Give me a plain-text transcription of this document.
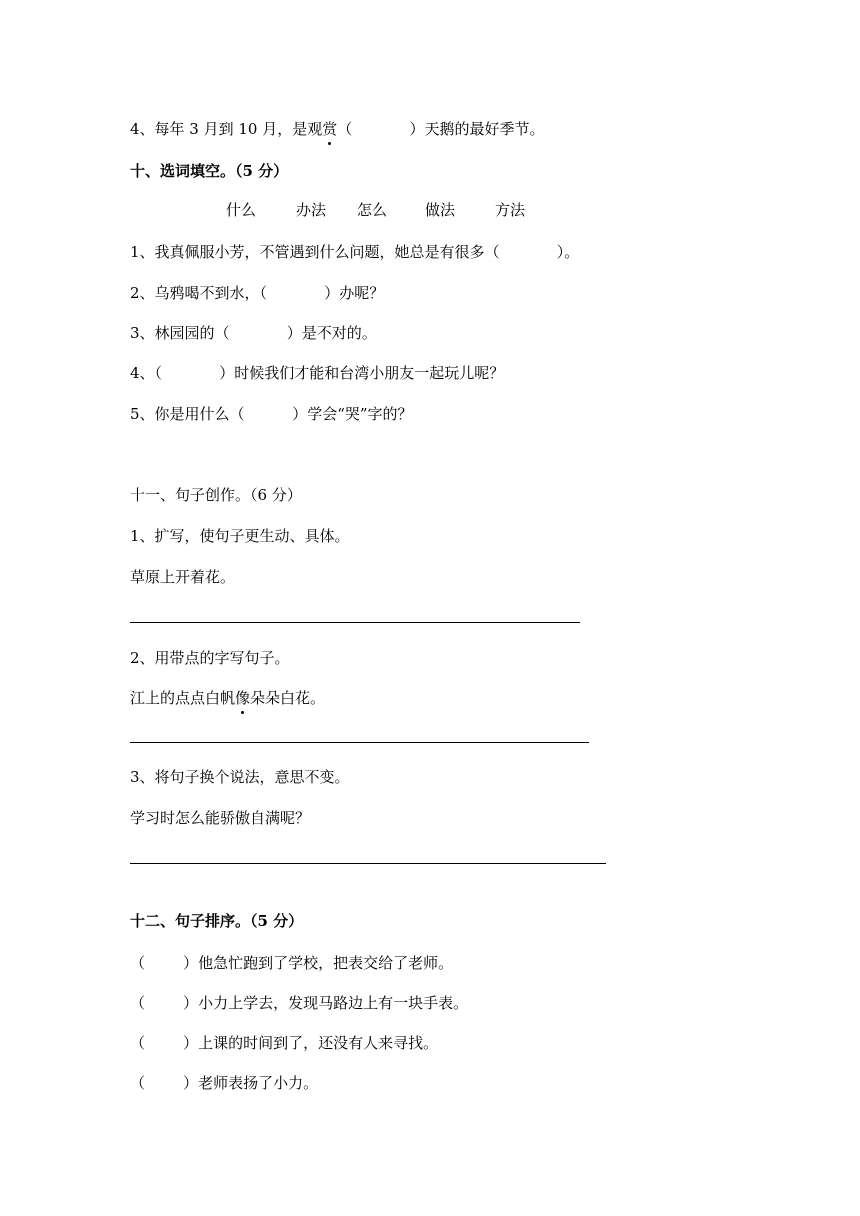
4、每年 3 月到 10 月，是观赏（            ）天鹅的最好季节。
十、选词填空。（5 分）
什么	办法 怎么	做法	方法
1、我真佩服小芳，不管遇到什么问题，她总是有很多（            ）。
2、乌鸦喝不到水，（            ）办呢？
3、林园园的（            ）是不对的。
4、（            ）时候我们才能和台湾小朋友一起玩儿呢？
5、你是用什么（          ）学会“哭”字的？
十一、句子创作。（6 分）
1、扩写，使句子更生动、具体。
草原上开着花。
2、用带点的字写句子。
江上的点点白帆像朵朵白花。
3、将句子换个说法，意思不变。
学习时怎么能骄傲自满呢？
十二、句子排序。（5 分）
（        ）他急忙跑到了学校，把表交给了老师。
（        ）小力上学去，发现马路边上有一块手表。
（        ）上课的时间到了，还没有人来寻找。
（        ）老师表扬了小力。
